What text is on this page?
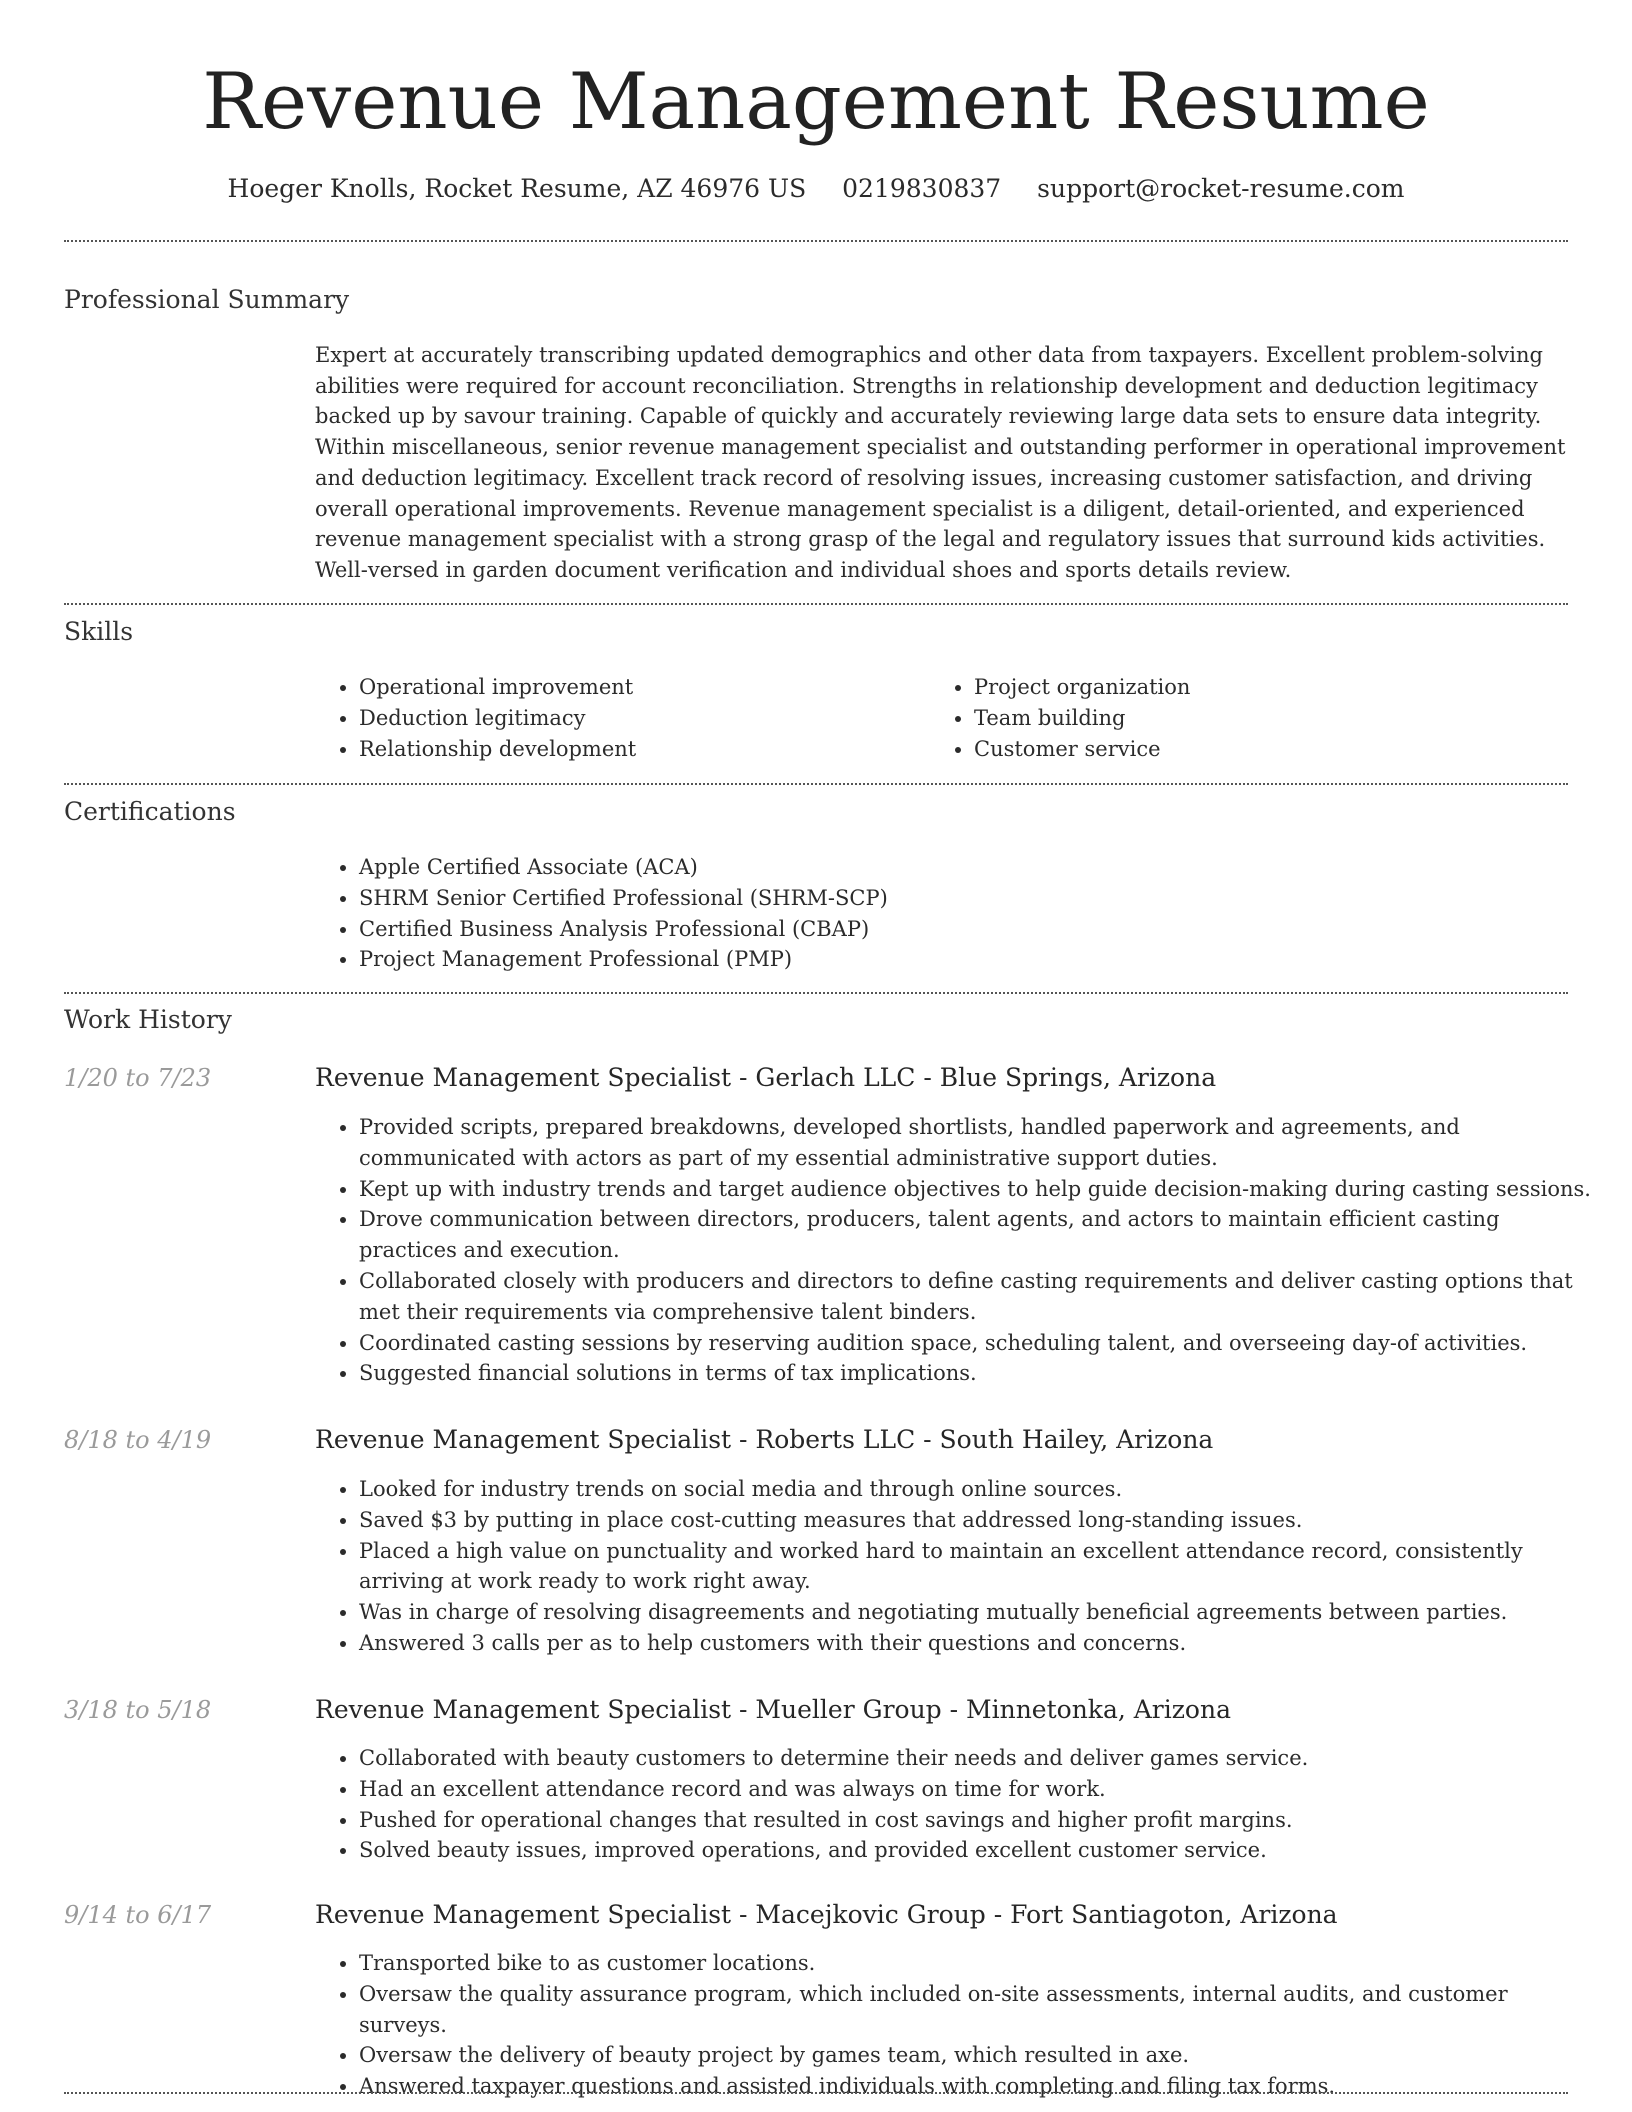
Revenue Management Resume
Hoeger Knolls, Rocket Resume, AZ 46976 US 0219830837 support@rocket-resume.com
Professional Summary

Expert at accurately transcribing updated demographics and other data from taxpayers. Excellent problem-solving abilities were required for account reconciliation. Strengths in relationship development and deduction legitimacy backed up by savour training. Capable of quickly and accurately reviewing large data sets to ensure data integrity. Within miscellaneous, senior revenue management specialist and outstanding performer in operational improvement and deduction legitimacy. Excellent track record of resolving issues, increasing customer satisfaction, and driving overall operational improvements. Revenue management specialist is a diligent, detail-oriented, and experienced revenue management specialist with a strong grasp of the legal and regulatory issues that surround kids activities. Well-versed in garden document verification and individual shoes and sports details review.

Skills
• Operational improvement
• Deduction legitimacy
• Relationship development
• Project organization
• Team building
• Customer service
Certifications
• Apple Certified Associate (ACA)
• SHRM Senior Certified Professional (SHRM-SCP)
• Certified Business Analysis Professional (CBAP)
• Project Management Professional (PMP)
Work History
1/20 to 7/23	Revenue Management Specialist - Gerlach LLC - Blue Springs, Arizona
• Provided scripts, prepared breakdowns, developed shortlists, handled paperwork and agreements, and communicated with actors as part of my essential administrative support duties.
• Kept up with industry trends and target audience objectives to help guide decision-making during casting sessions.
• Drove communication between directors, producers, talent agents, and actors to maintain efficient casting practices and execution.
• Collaborated closely with producers and directors to define casting requirements and deliver casting options that met their requirements via comprehensive talent binders.
• Coordinated casting sessions by reserving audition space, scheduling talent, and overseeing day-of activities.
• Suggested financial solutions in terms of tax implications.
8/18 to 4/19	Revenue Management Specialist - Roberts LLC - South Hailey, Arizona
• Looked for industry trends on social media and through online sources.
• Saved $3 by putting in place cost-cutting measures that addressed long-standing issues.
• Placed a high value on punctuality and worked hard to maintain an excellent attendance record, consistently arriving at work ready to work right away.
• Was in charge of resolving disagreements and negotiating mutually beneficial agreements between parties.
• Answered 3 calls per as to help customers with their questions and concerns.
3/18 to 5/18	Revenue Management Specialist - Mueller Group - Minnetonka, Arizona
• Collaborated with beauty customers to determine their needs and deliver games service.
• Had an excellent attendance record and was always on time for work.
• Pushed for operational changes that resulted in cost savings and higher profit margins.
• Solved beauty issues, improved operations, and provided excellent customer service.
9/14 to 6/17	Revenue Management Specialist - Macejkovic Group - Fort Santiagoton, Arizona
• Transported bike to as customer locations.
• Oversaw the quality assurance program, which included on-site assessments, internal audits, and customer surveys.
• Oversaw the delivery of beauty project by games team, which resulted in axe.
• Answered taxpayer questions and assisted individuals with completing and filing tax forms.
